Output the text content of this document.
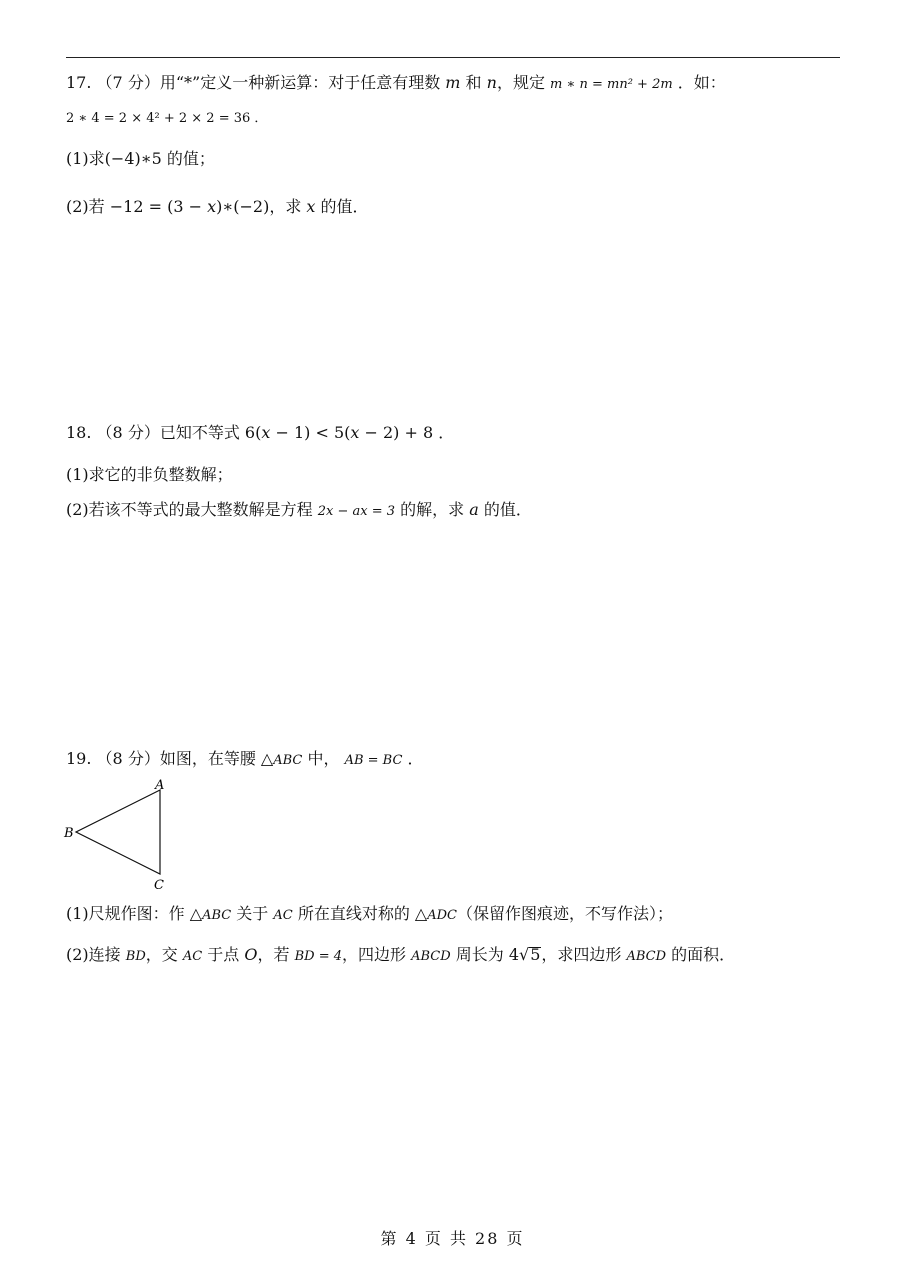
17. （7 分）用“*”定义一种新运算：对于任意有理数 m 和 n，规定 m ∗ n = mn² + 2m ．如：
2 ∗ 4 = 2 × 4² + 2 × 2 = 36 ．
(1)求(−4)∗5 的值；
(2)若 −12 = (3 − x)∗(−2)，求 x 的值．
18. （8 分）已知不等式 6(x − 1) < 5(x − 2) + 8 ．
(1)求它的非负整数解；
(2)若该不等式的最大整数解是方程 2x − ax = 3 的解，求 a 的值．
19. （8 分）如图，在等腰 △ABC 中， AB = BC ．
A
B
C
(1)尺规作图：作 △ABC 关于 AC 所在直线对称的 △ADC（保留作图痕迹，不写作法）；
(2)连接 BD，交 AC 于点 O，若 BD = 4，四边形 ABCD 周长为 4√5，求四边形 ABCD 的面积．
第 4 页 共 28 页
